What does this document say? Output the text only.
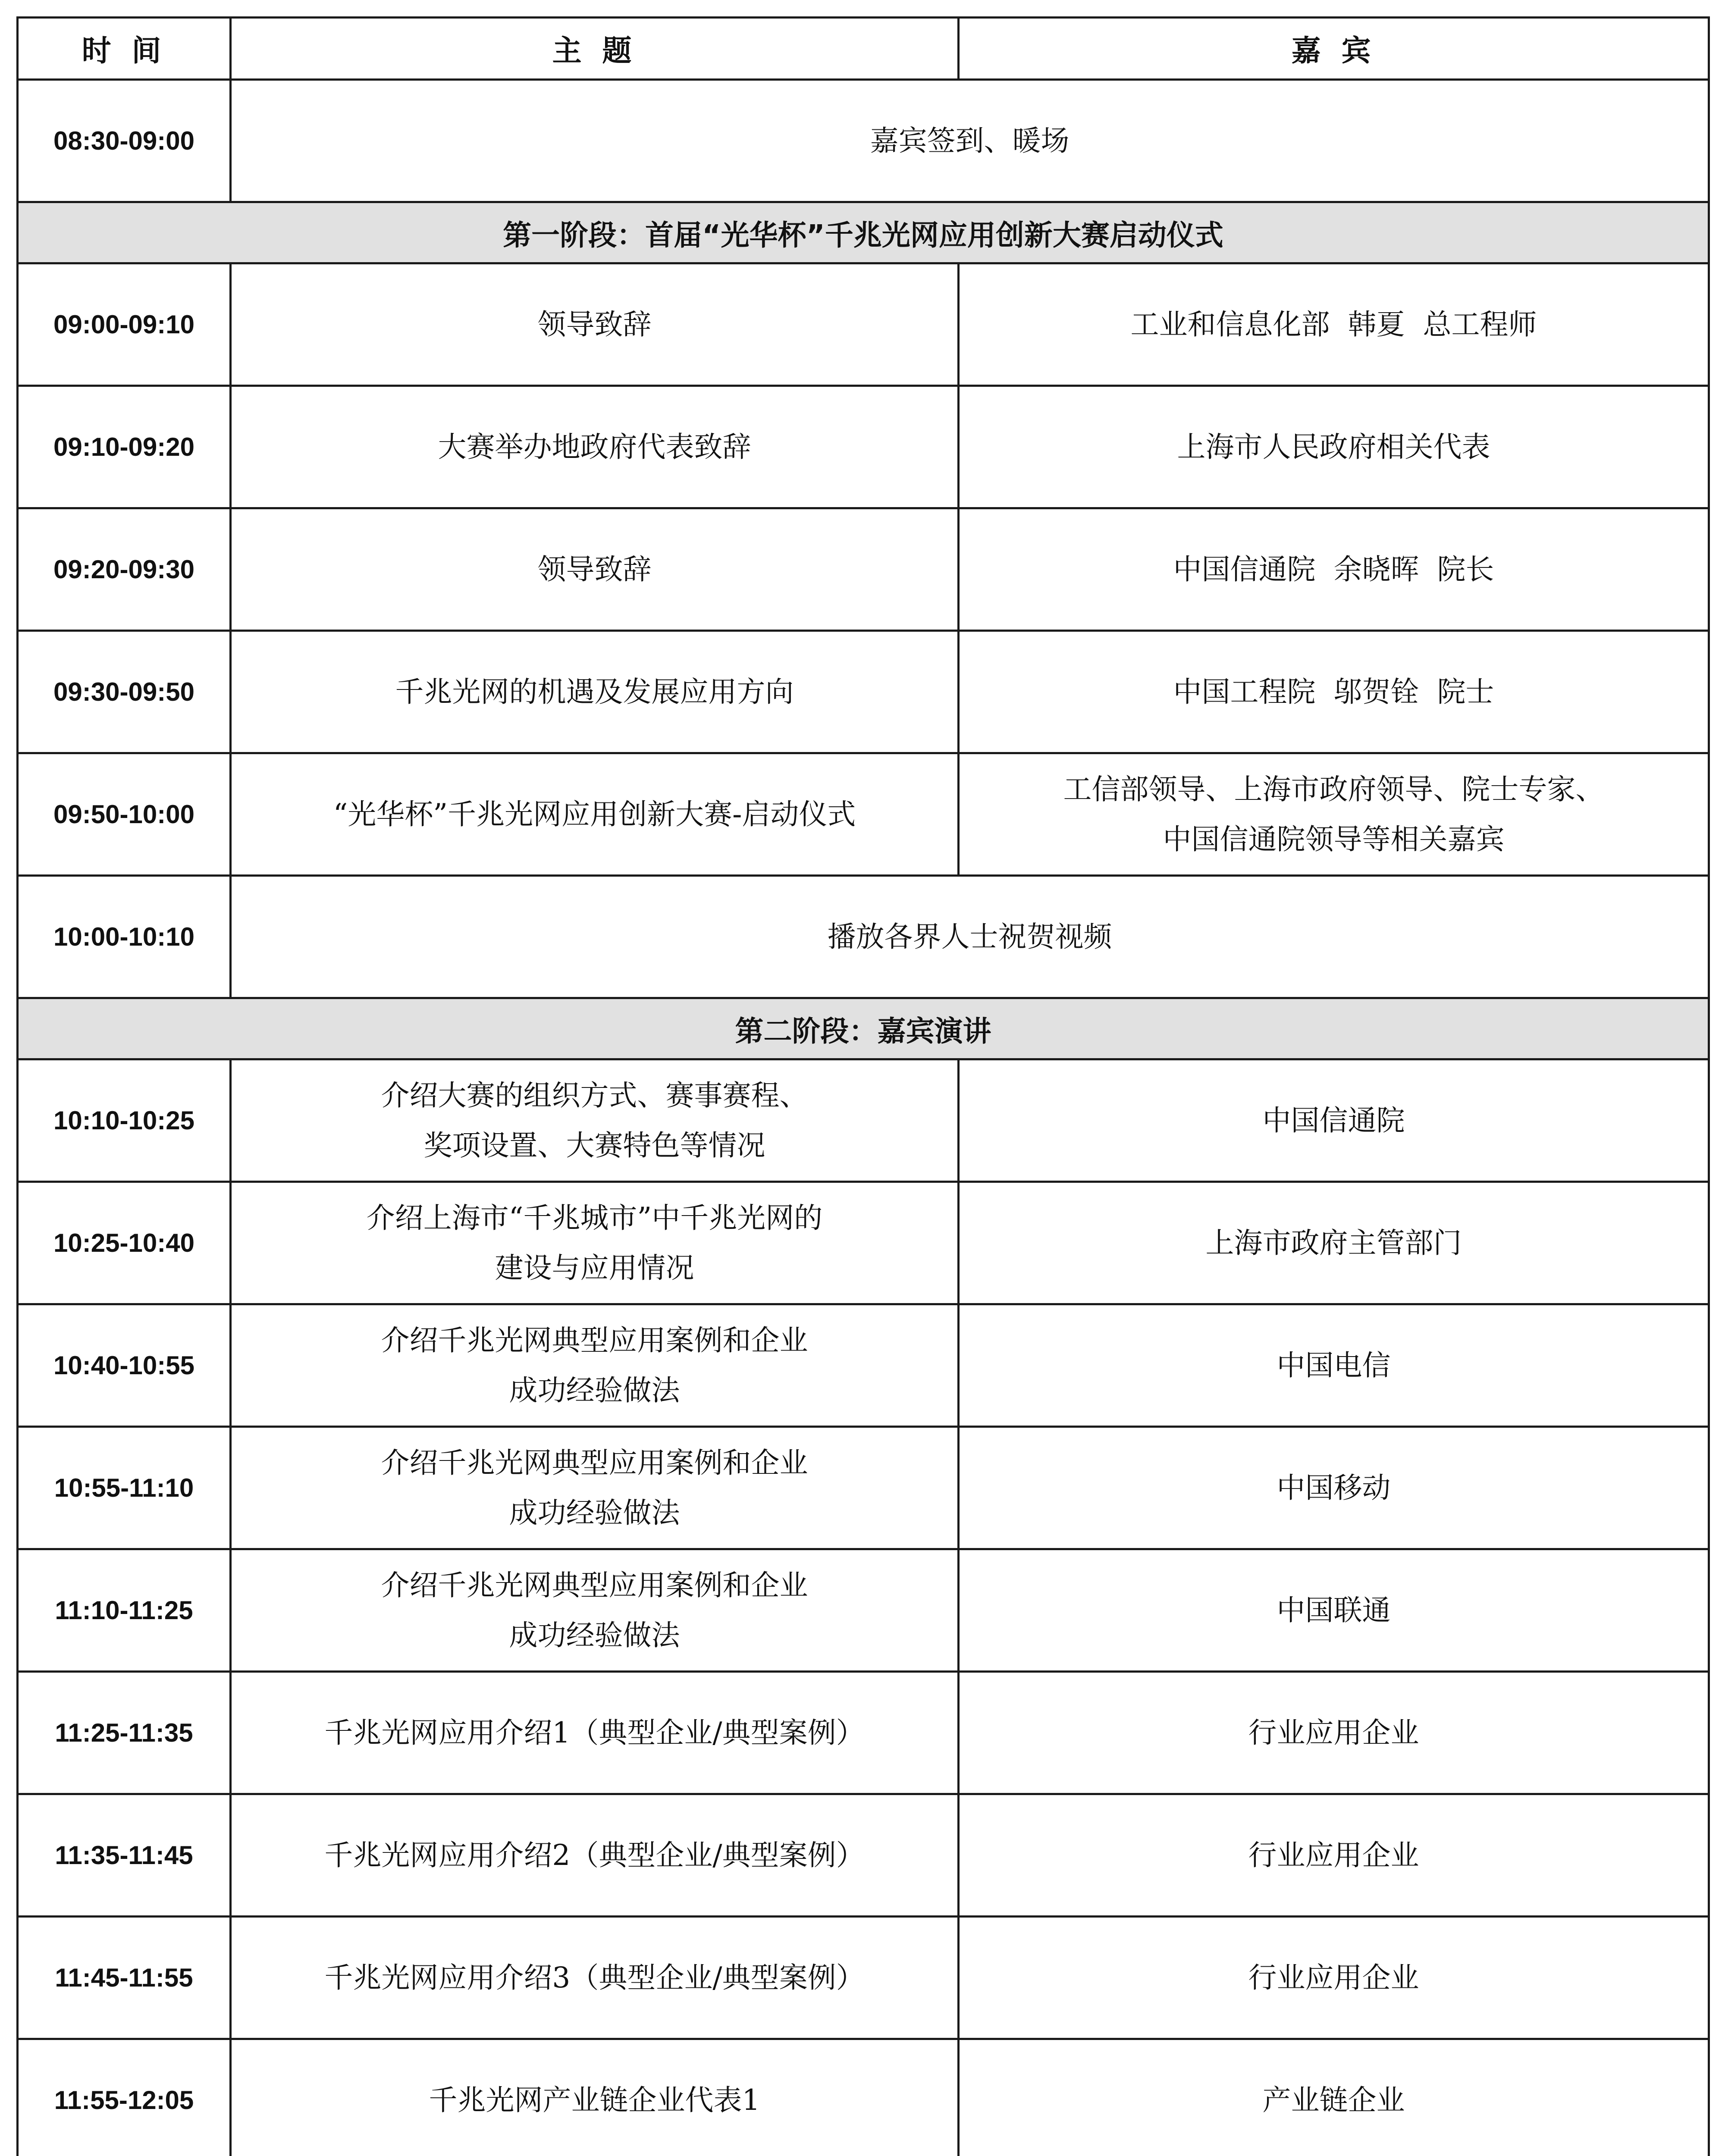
时 间	主 题	嘉 宾
08:30-09:00	嘉宾签到、暖场	
第一阶段：首届“光华杯”千兆光网应用创新大赛启动仪式		
09:00-09:10	领导致辞	工业和信息化部  韩夏  总工程师
09:10-09:20	大赛举办地政府代表致辞	上海市人民政府相关代表
09:20-09:30	领导致辞	中国信通院  余晓晖  院长
09:30-09:50	千兆光网的机遇及发展应用方向	中国工程院  邬贺铨  院士
09:50-10:00	“光华杯”千兆光网应用创新大赛-启动仪式	工信部领导、上海市政府领导、院士专家、
中国信通院领导等相关嘉宾

10:00-10:10	播放各界人士祝贺视频	
第二阶段：嘉宾演讲		
10:10-10:25	介绍大赛的组织方式、赛事赛程、
奖项设置、大赛特色等情况	中国信通院
10:25-10:40	介绍上海市“千兆城市”中千兆光网的
建设与应用情况	上海市政府主管部门
10:40-10:55	介绍千兆光网典型应用案例和企业
成功经验做法	中国电信
10:55-11:10	介绍千兆光网典型应用案例和企业
成功经验做法	中国移动
11:10-11:25	介绍千兆光网典型应用案例和企业
成功经验做法	中国联通
11:25-11:35	千兆光网应用介绍1（典型企业/典型案例）	行业应用企业
11:35-11:45	千兆光网应用介绍2（典型企业/典型案例）	行业应用企业
11:45-11:55	千兆光网应用介绍3（典型企业/典型案例）	行业应用企业
11:55-12:05	千兆光网产业链企业代表1	产业链企业
